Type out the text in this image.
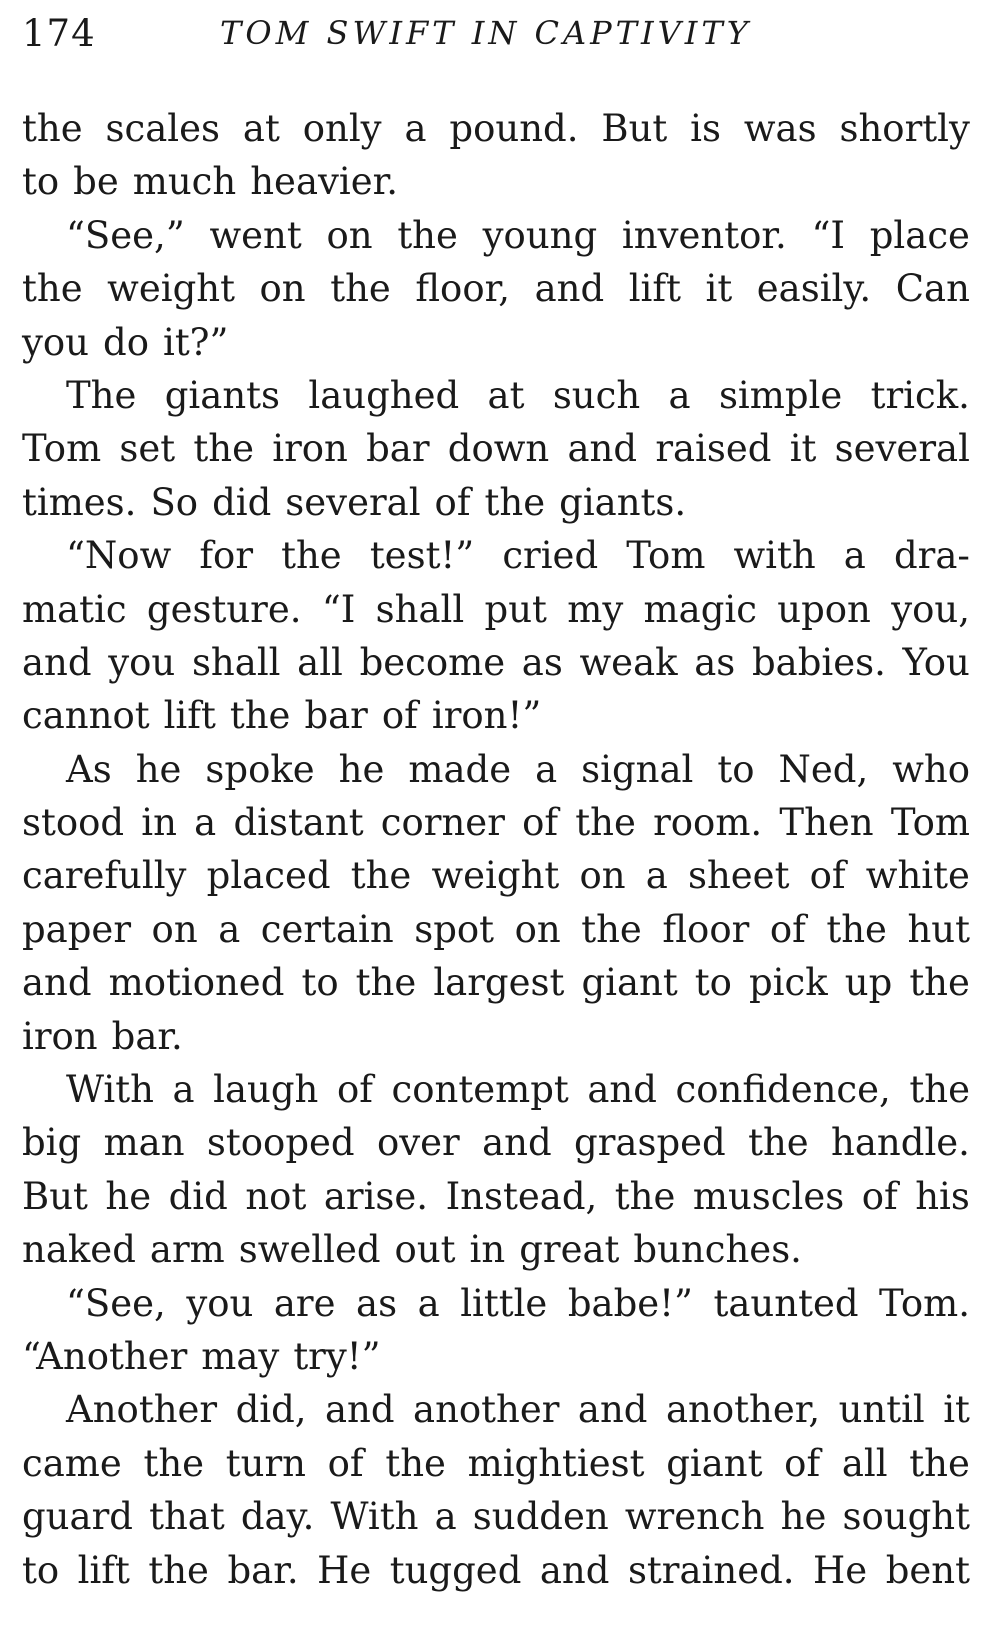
174	TOM SWIFT IN CAPTIVITY
the scales at only a pound. But is was shortly
to be much heavier.
“See,” went on the young inventor. “I place
the weight on the floor, and lift it easily. Can
you do it?”
The giants laughed at such a simple trick.
Tom set the iron bar down and raised it several
times. So did several of the giants.
“Now for the test!” cried Tom with a dra-
matic gesture. “I shall put my magic upon you,
and you shall all become as weak as babies. You
cannot lift the bar of iron!”
As he spoke he made a signal to Ned, who
stood in a distant corner of the room. Then Tom
carefully placed the weight on a sheet of white
paper on a certain spot on the floor of the hut
and motioned to the largest giant to pick up the
iron bar.
With a laugh of contempt and confidence, the
big man stooped over and grasped the handle.
But he did not arise. Instead, the muscles of his
naked arm swelled out in great bunches.
“See, you are as a little babe!” taunted Tom.
“Another may try!”
Another did, and another and another, until it
came the turn of the mightiest giant of all the
guard that day. With a sudden wrench he sought
to lift the bar. He tugged and strained. He bent
